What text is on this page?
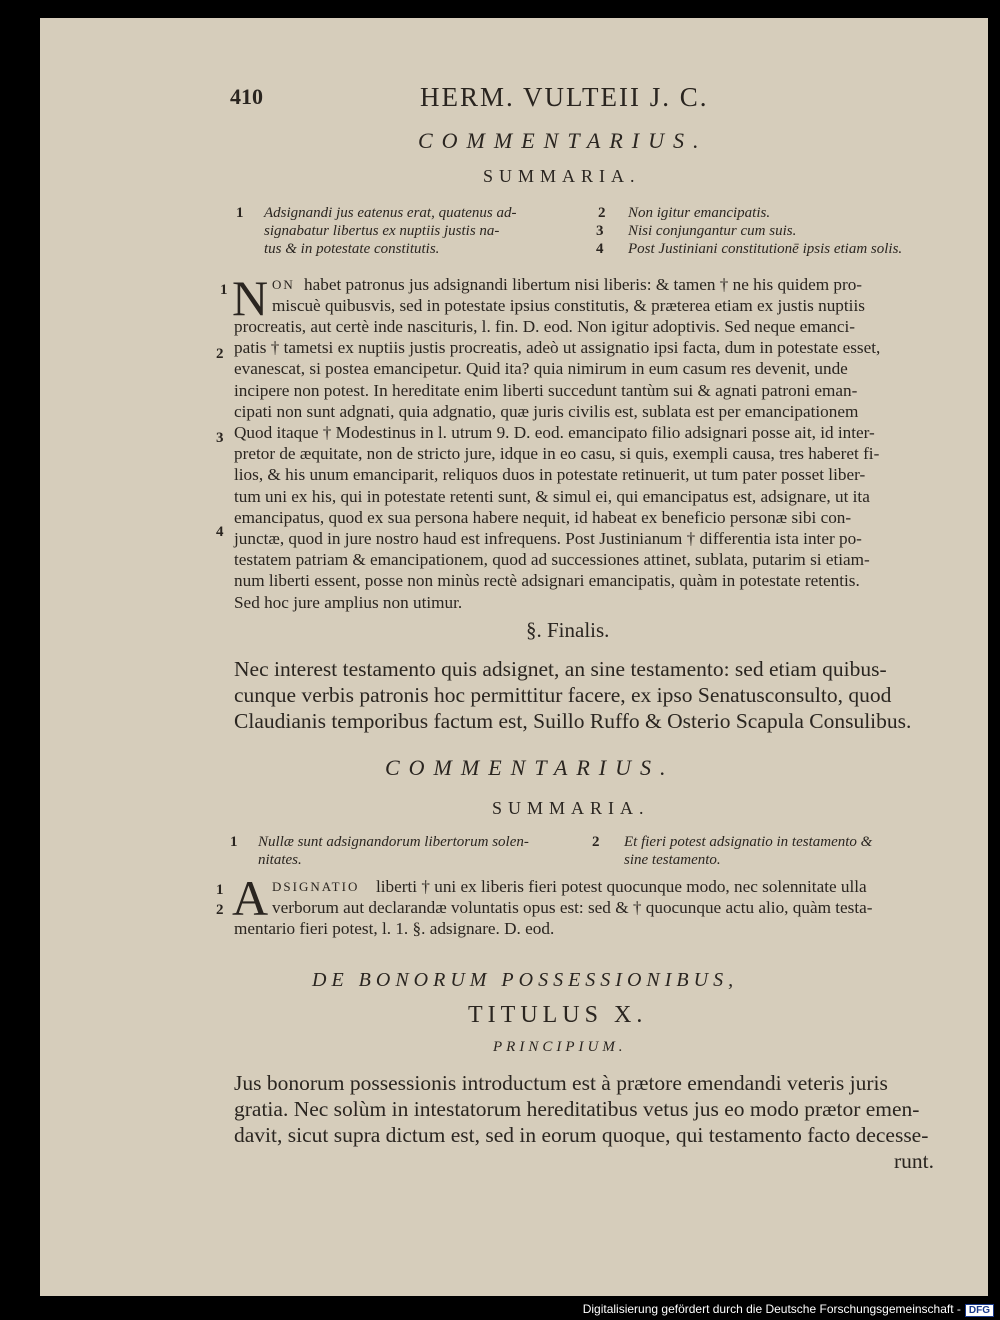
410	HERM. VULTEII J. C.
COMMENTARIUS.
SUMMARIA.
1 Adsignandi jus eatenus erat, quatenus ad-
signabatur libertus ex nuptiis justis na-
tus & in potestate constitutis.
2 Non igitur emancipatis.
3 Nisi conjungantur cum suis.
4 Post Justiniani constitutionē ipsis etiam solis.
1
2
3
4
N ON habet patronus jus adsignandi libertum nisi liberis: & tamen † ne his quidem pro-
miscuè quibusvis, sed in potestate ipsius constitutis, & præterea etiam ex justis nuptiis
procreatis, aut certè inde nascituris, l. fin. D. eod. Non igitur adoptivis. Sed neque emanci-
patis † tametsi ex nuptiis justis procreatis, adeò ut assignatio ipsi facta, dum in potestate esset,
evanescat, si postea emancipetur. Quid ita? quia nimirum in eum casum res devenit, unde
incipere non potest. In hereditate enim liberti succedunt tantùm sui & agnati patroni eman-
cipati non sunt adgnati, quia adgnatio, quæ juris civilis est, sublata est per emancipationem
Quod itaque † Modestinus in l. utrum 9. D. eod. emancipato filio adsignari posse ait, id inter-
pretor de æquitate, non de stricto jure, idque in eo casu, si quis, exempli causa, tres haberet fi-
lios, & his unum emanciparit, reliquos duos in potestate retinuerit, ut tum pater posset liber-
tum uni ex his, qui in potestate retenti sunt, & simul ei, qui emancipatus est, adsignare, ut ita
emancipatus, quod ex sua persona habere nequit, id habeat ex beneficio personæ sibi con-
junctæ, quod in jure nostro haud est infrequens. Post Justinianum † differentia ista inter po-
testatem patriam & emancipationem, quod ad successiones attinet, sublata, putarim si etiam-
num liberti essent, posse non minùs rectè adsignari emancipatis, quàm in potestate retentis.
Sed hoc jure amplius non utimur.
§. Finalis.
Nec interest testamento quis adsignet, an sine testamento: sed etiam quibus-
cunque verbis patronis hoc permittitur facere, ex ipso Senatusconsulto, quod
Claudianis temporibus factum est, Suillo Ruffo & Osterio Scapula Consulibus.
COMMENTARIUS.
SUMMARIA.
1 Nullæ sunt adsignandorum libertorum solen-
nitates.
2 Et fieri potest adsignatio in testamento &
sine testamento.
1
2 A DSIGNATIO liberti † uni ex liberis fieri potest quocunque modo, nec solennitate ulla
verborum aut declarandæ voluntatis opus est: sed & † quocunque actu alio, quàm testa-
mentario fieri potest, l. 1. §. adsignare. D. eod.
DE BONORUM POSSESSIONIBUS,
TITULUS X.
PRINCIPIUM.
Jus bonorum possessionis introductum est à prætore emendandi veteris juris
gratia. Nec solùm in intestatorum hereditatibus vetus jus eo modo prætor emen-
davit, sicut supra dictum est, sed in eorum quoque, qui testamento facto decesse-
runt.
Digitalisierung gefördert durch die Deutsche Forschungsgemeinschaft - DFG
